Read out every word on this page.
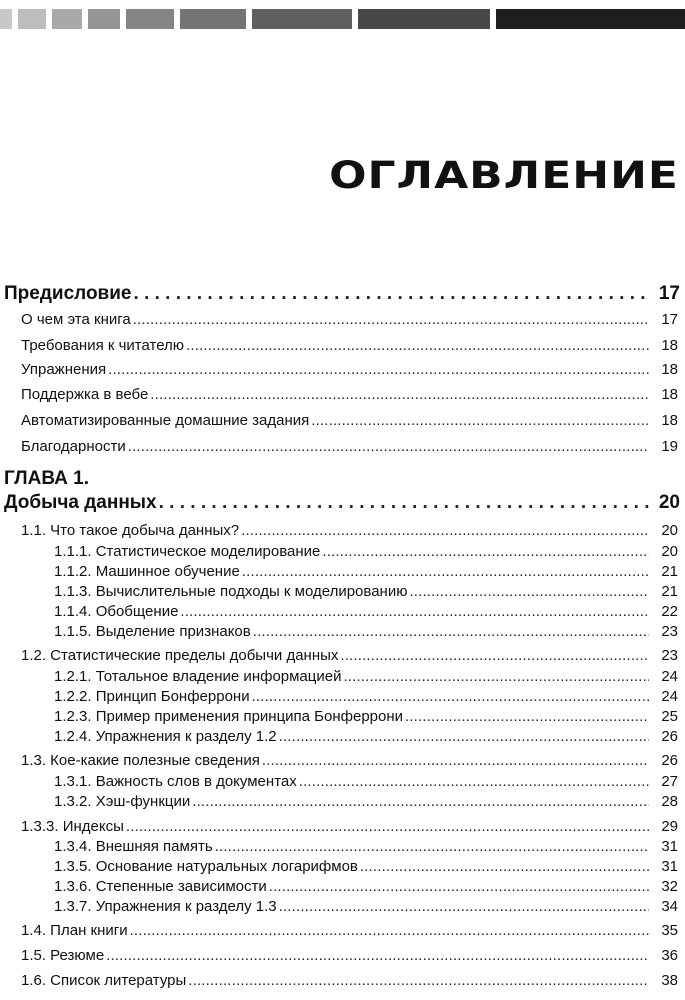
ОГЛАВЛЕНИЕ
Предисловие . . .	17
О чем эта книга . . .	17
Требования к читателю . . .	18
Упражнения . . .	18
Поддержка в вебе . . .	18
Автоматизированные домашние задания . . .	18
Благодарности . . .	19
ГЛАВА 1.
Добыча данных . . .	20
1.1. Что такое добыча данных? . . .	20
1.1.1. Статистическое моделирование . . .	20
1.1.2. Машинное обучение . . .	21
1.1.3. Вычислительные подходы к моделированию . . .	21
1.1.4. Обобщение . . .	22
1.1.5. Выделение признаков . . .	23
1.2. Статистические пределы добычи данных . . .	23
1.2.1. Тотальное владение информацией . . .	24
1.2.2. Принцип Бонферрони . . .	24
1.2.3. Пример применения принципа Бонферрони . . .	25
1.2.4. Упражнения к разделу 1.2 . . .	26
1.3. Кое-какие полезные сведения . . .	26
1.3.1. Важность слов в документах . . .	27
1.3.2. Хэш-функции . . .	28
1.3.3. Индексы . . .	29
1.3.4. Внешняя память . . .	31
1.3.5. Основание натуральных логарифмов . . .	31
1.3.6. Степенные зависимости . . .	32
1.3.7. Упражнения к разделу 1.3 . . .	34
1.4. План книги . . .	35
1.5. Резюме . . .	36
1.6. Список литературы . . .	38
